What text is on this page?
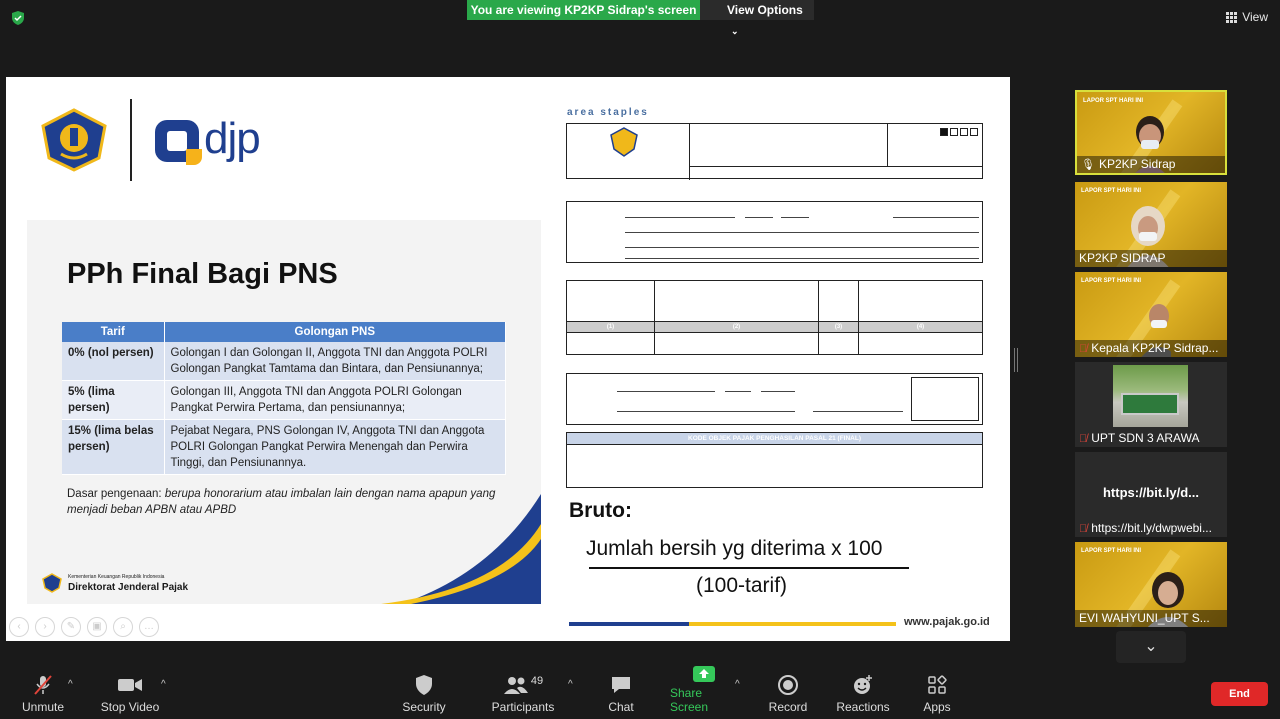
You are viewing KP2KP Sidrap's screen	View Options⌄
View
djp
PPh Final Bagi PNS
Tarif	Golongan PNS
0% (nol persen)	Golongan I dan Golongan II, Anggota TNI dan Anggota POLRI Golongan Pangkat Tamtama dan Bintara, dan Pensiunannya;
5% (lima persen)	Golongan III, Anggota TNI dan Anggota POLRI Golongan Pangkat Perwira Pertama, dan pensiunannya;
15% (lima belas persen)	Pejabat Negara, PNS Golongan IV, Anggota TNI dan Anggota POLRI Golongan Pangkat Perwira Menengah dan Perwira Tinggi, dan Pensiunannya.
Dasar pengenaan: berupa honorarium atau imbalan lain dengan nama apapun yang menjadi beban APBN atau APBD
Kementerian Keuangan Republik Indonesia
Direktorat Jenderal Pajak
‹	›	✎	▣	⌕	…
area staples
KEMENTERIAN KEUANGAN RI DIREKTORAT JENDERAL PAJAK
BUKTI PEMOTONGAN PAJAK PENGHASILAN PASAL 21 (FINAL)	FORMULIR 1721 - VII
NOMOR 1 . 4 - ____ - ______ - ________
A. IDENTITAS PENERIMA PENGHASILAN YANG DIPOTONG
1. NPWP	2. NIK / NO. PASPOR
3. NAMA
4. ALAMAT
B. PPh PASAL 21 YANG DIPOTONG
KODE OBJEK PAJAK	JUMLAH PENGHASILAN BRUTO (Rp)	TARIF	PPh DIPOTONG (Rp)
(1)	(2)	(3)	(4)

C. IDENTITAS PEMOTONG
1. NPWP	3. TANGGAL & TANDA TANGAN
2. NAMA
KODE OBJEK PAJAK PENGHASILAN PASAL 21 (FINAL)
21 - 401 - 01 Uang Pesangon yang Dibayarkan Sekaligus
21 - 401 - 02 Uang Manfaat Pensiun, Tunjangan Hari Tua, atau Jaminan Hari Tua yang Dibayarkan Sekaligus
21 - 402 - 01 Honor dan Imbalan Lain yang Dibebankan kepada APBN atau APBD yang Diterima oleh PNS, Anggota TNI/POLRI, Pejabat Negara dan Pensiunannya
21 - 499 - 99 Objek PPh Pasal 21 Final Lainnya
Bruto:
Jumlah bersih yg diterima x 100
(100-tarif)
www.pajak.go.id
LAPOR SPT HARI INI
🎙 KP2KP Sidrap
LAPOR SPT HARI INI
KP2KP SIDRAP
LAPOR SPT HARI INI
🎙̸ Kepala KP2KP Sidrap...
🎙̸ UPT SDN 3 ARAWA
https://bit.ly/d...
🎙̸ https://bit.ly/dwpwebi...
LAPOR SPT HARI INI
EVI WAHYUNI_UPT S...
⌄
Unmute
^
Stop Video
^
Security
49
Participants
^
Chat
Share Screen
^
Record Reactions	Apps
End
